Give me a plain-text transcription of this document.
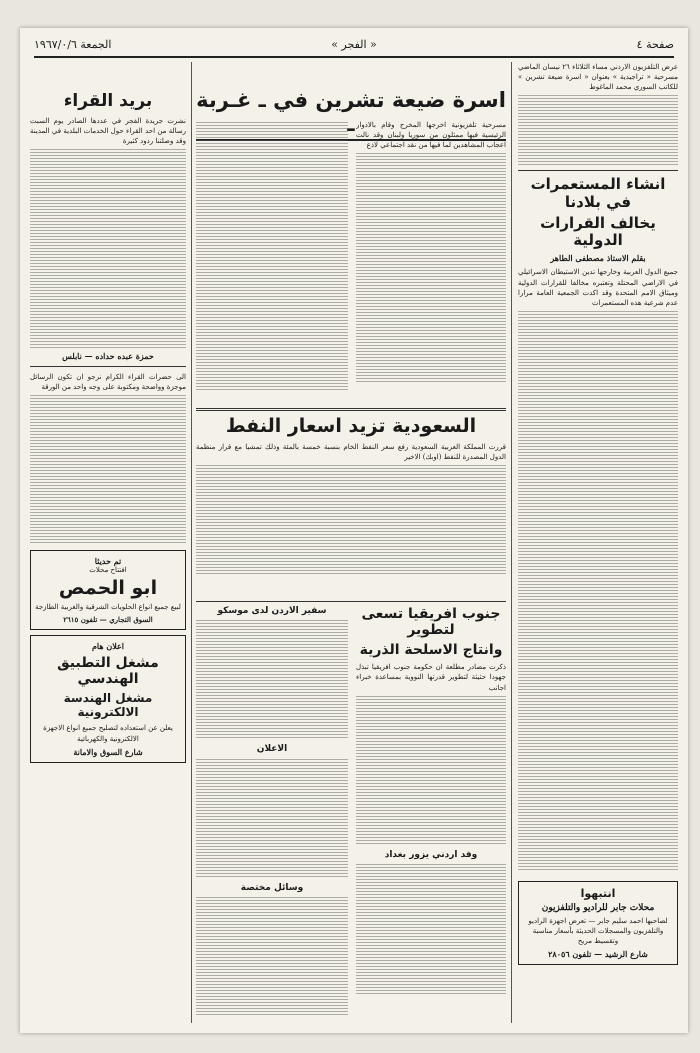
صفحة ٤
« الفجر »
الجمعة ١٩٦٧/٠/٦

عرض التلفزيون الاردني مساء الثلاثاء ٢٦ نيسان الماضي مسرحية « تراجيدية » بعنوان « اسرة ضيعة تشرين » للكاتب السوري محمد الماغوط

انشاء المستعمرات في بلادنا
يخالف القرارات الدولية
بقلم الاستاذ مصطفى الطاهر

جميع الدول العربية وخارجها تدين الاستيطان الاسرائيلي في الاراضي المحتلة وتعتبره مخالفا للقرارات الدولية وميثاق الامم المتحدة وقد اكدت الجمعية العامة مرارا عدم شرعية هذه المستعمرات

انتبهوا
محلات جابر للراديو والتلفزيون

لصاحبها احمد سليم جابر — تعرض اجهزة الراديو والتلفزيون والمسجلات الحديثة بأسعار مناسبة وتقسيط مريح

شارع الرشيد — تلفون ٢٨٠٥٦
اسرة ضيعة تشرين في ـ غـربة ـ مسرحية تلفزيونية اخرجها المخرج وقام بالادوار الرئيسية فيها ممثلون من سوريا ولبنان وقد نالت اعجاب المشاهدين لما فيها من نقد اجتماعي لاذع

السعودية تزيد اسعار النفط

قررت المملكة العربية السعودية رفع سعر النفط الخام بنسبة خمسة بالمئة وذلك تمشيا مع قرار منظمة الدول المصدرة للنفط (اوبك) الاخير

جنوب افريقيا تسعى لتطوير
وانتاج الاسلحة الذرية

ذكرت مصادر مطلعة ان حكومة جنوب افريقيا تبذل جهودا حثيثة لتطوير قدرتها النووية بمساعدة خبراء اجانب

وفد اردني يزور بغداد
سفير الاردن لدى موسكو
الاعلان
وسائل مختصة
بريد القراء

نشرت جريدة الفجر في عددها الصادر يوم السبت رسالة من احد القراء حول الخدمات البلدية في المدينة وقد وصلتنا ردود كثيرة

حمزة عبده حداده — نابلس

الى حضرات القراء الكرام نرجو ان تكون الرسائل موجزة وواضحة ومكتوبة على وجه واحد من الورقة

تم حديثا
افتتاح محلات
ابو الحمص

لبيع جميع انواع الحلويات الشرقية والغربية الطازجة

السوق التجاري — تلفون ٢٦١٥
اعلان هام
مشغل التطبيق الهندسي
مشغل الهندسة الالكترونية

يعلن عن استعداده لتصليح جميع انواع الاجهزة الالكترونية والكهربائية

شارع السوق والامانة
